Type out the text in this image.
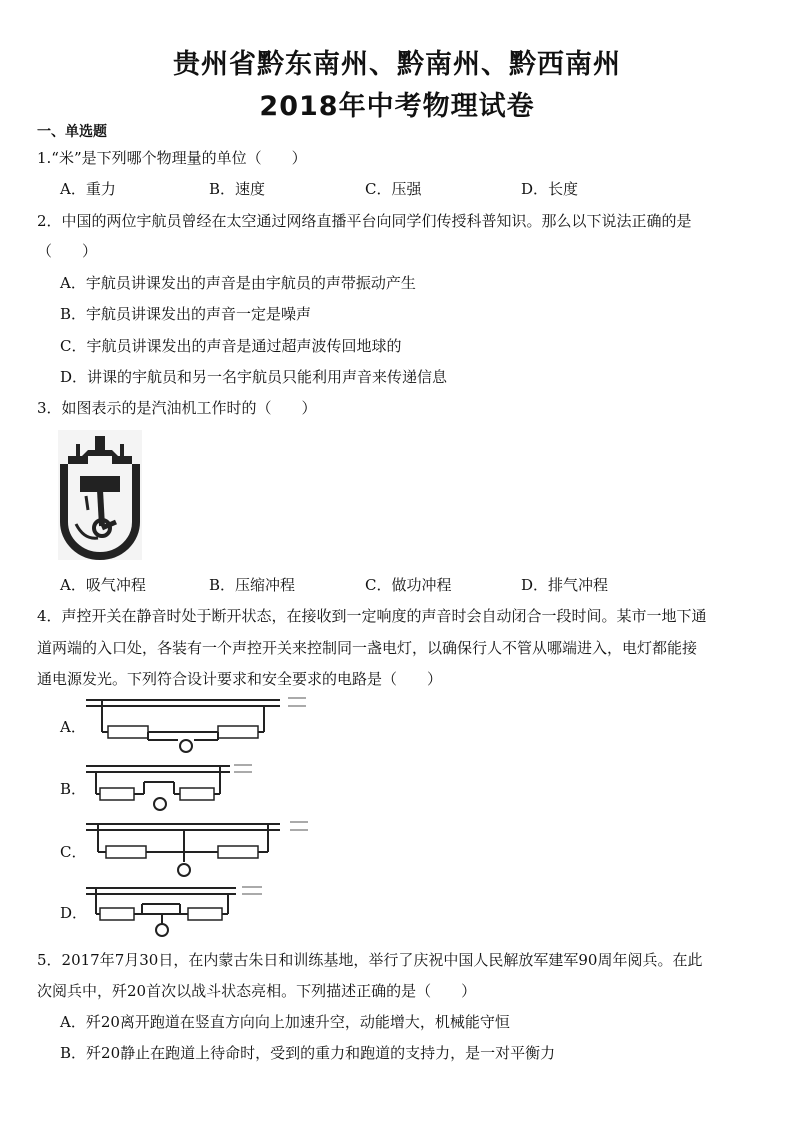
贵州省黔东南州、黔南州、黔西南州
2018年中考物理试卷
一、单选题
1.“米”是下列哪个物理量的单位（　　）
A．重力	B．速度	C．压强	D．长度
2．中国的两位宇航员曾经在太空通过网络直播平台向同学们传授科普知识。那么以下说法正确的是
（　　）
A．宇航员讲课发出的声音是由宇航员的声带振动产生
B．宇航员讲课发出的声音一定是噪声
C．宇航员讲课发出的声音是通过超声波传回地球的
D．讲课的宇航员和另一名宇航员只能利用声音来传递信息
3．如图表示的是汽油机工作时的（　　）
A．吸气冲程	B．压缩冲程	C．做功冲程	D．排气冲程
4．声控开关在静音时处于断开状态，在接收到一定响度的声音时会自动闭合一段时间。某市一地下通
道两端的入口处，各装有一个声控开关来控制同一盏电灯，以确保行人不管从哪端进入，电灯都能接
通电源发光。下列符合设计要求和安全要求的电路是（　　）
A．
B．
C．
D．
5．2017年7月30日，在内蒙古朱日和训练基地，举行了庆祝中国人民解放军建军90周年阅兵。在此
次阅兵中，歼20首次以战斗状态亮相。下列描述正确的是（　　）
A．歼20离开跑道在竖直方向向上加速升空，动能增大，机械能守恒
B．歼20静止在跑道上待命时，受到的重力和跑道的支持力，是一对平衡力
